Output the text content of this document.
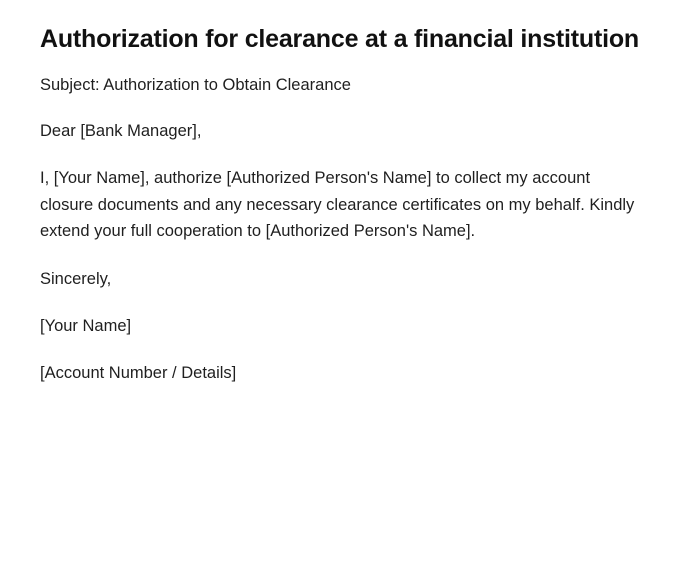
Authorization for clearance at a financial institution

Subject: Authorization to Obtain Clearance

Dear [Bank Manager],

I, [Your Name], authorize [Authorized Person's Name] to collect my account closure documents and any necessary clearance certificates on my behalf. Kindly extend your full cooperation to [Authorized Person's Name].

Sincerely,

[Your Name]

[Account Number / Details]
